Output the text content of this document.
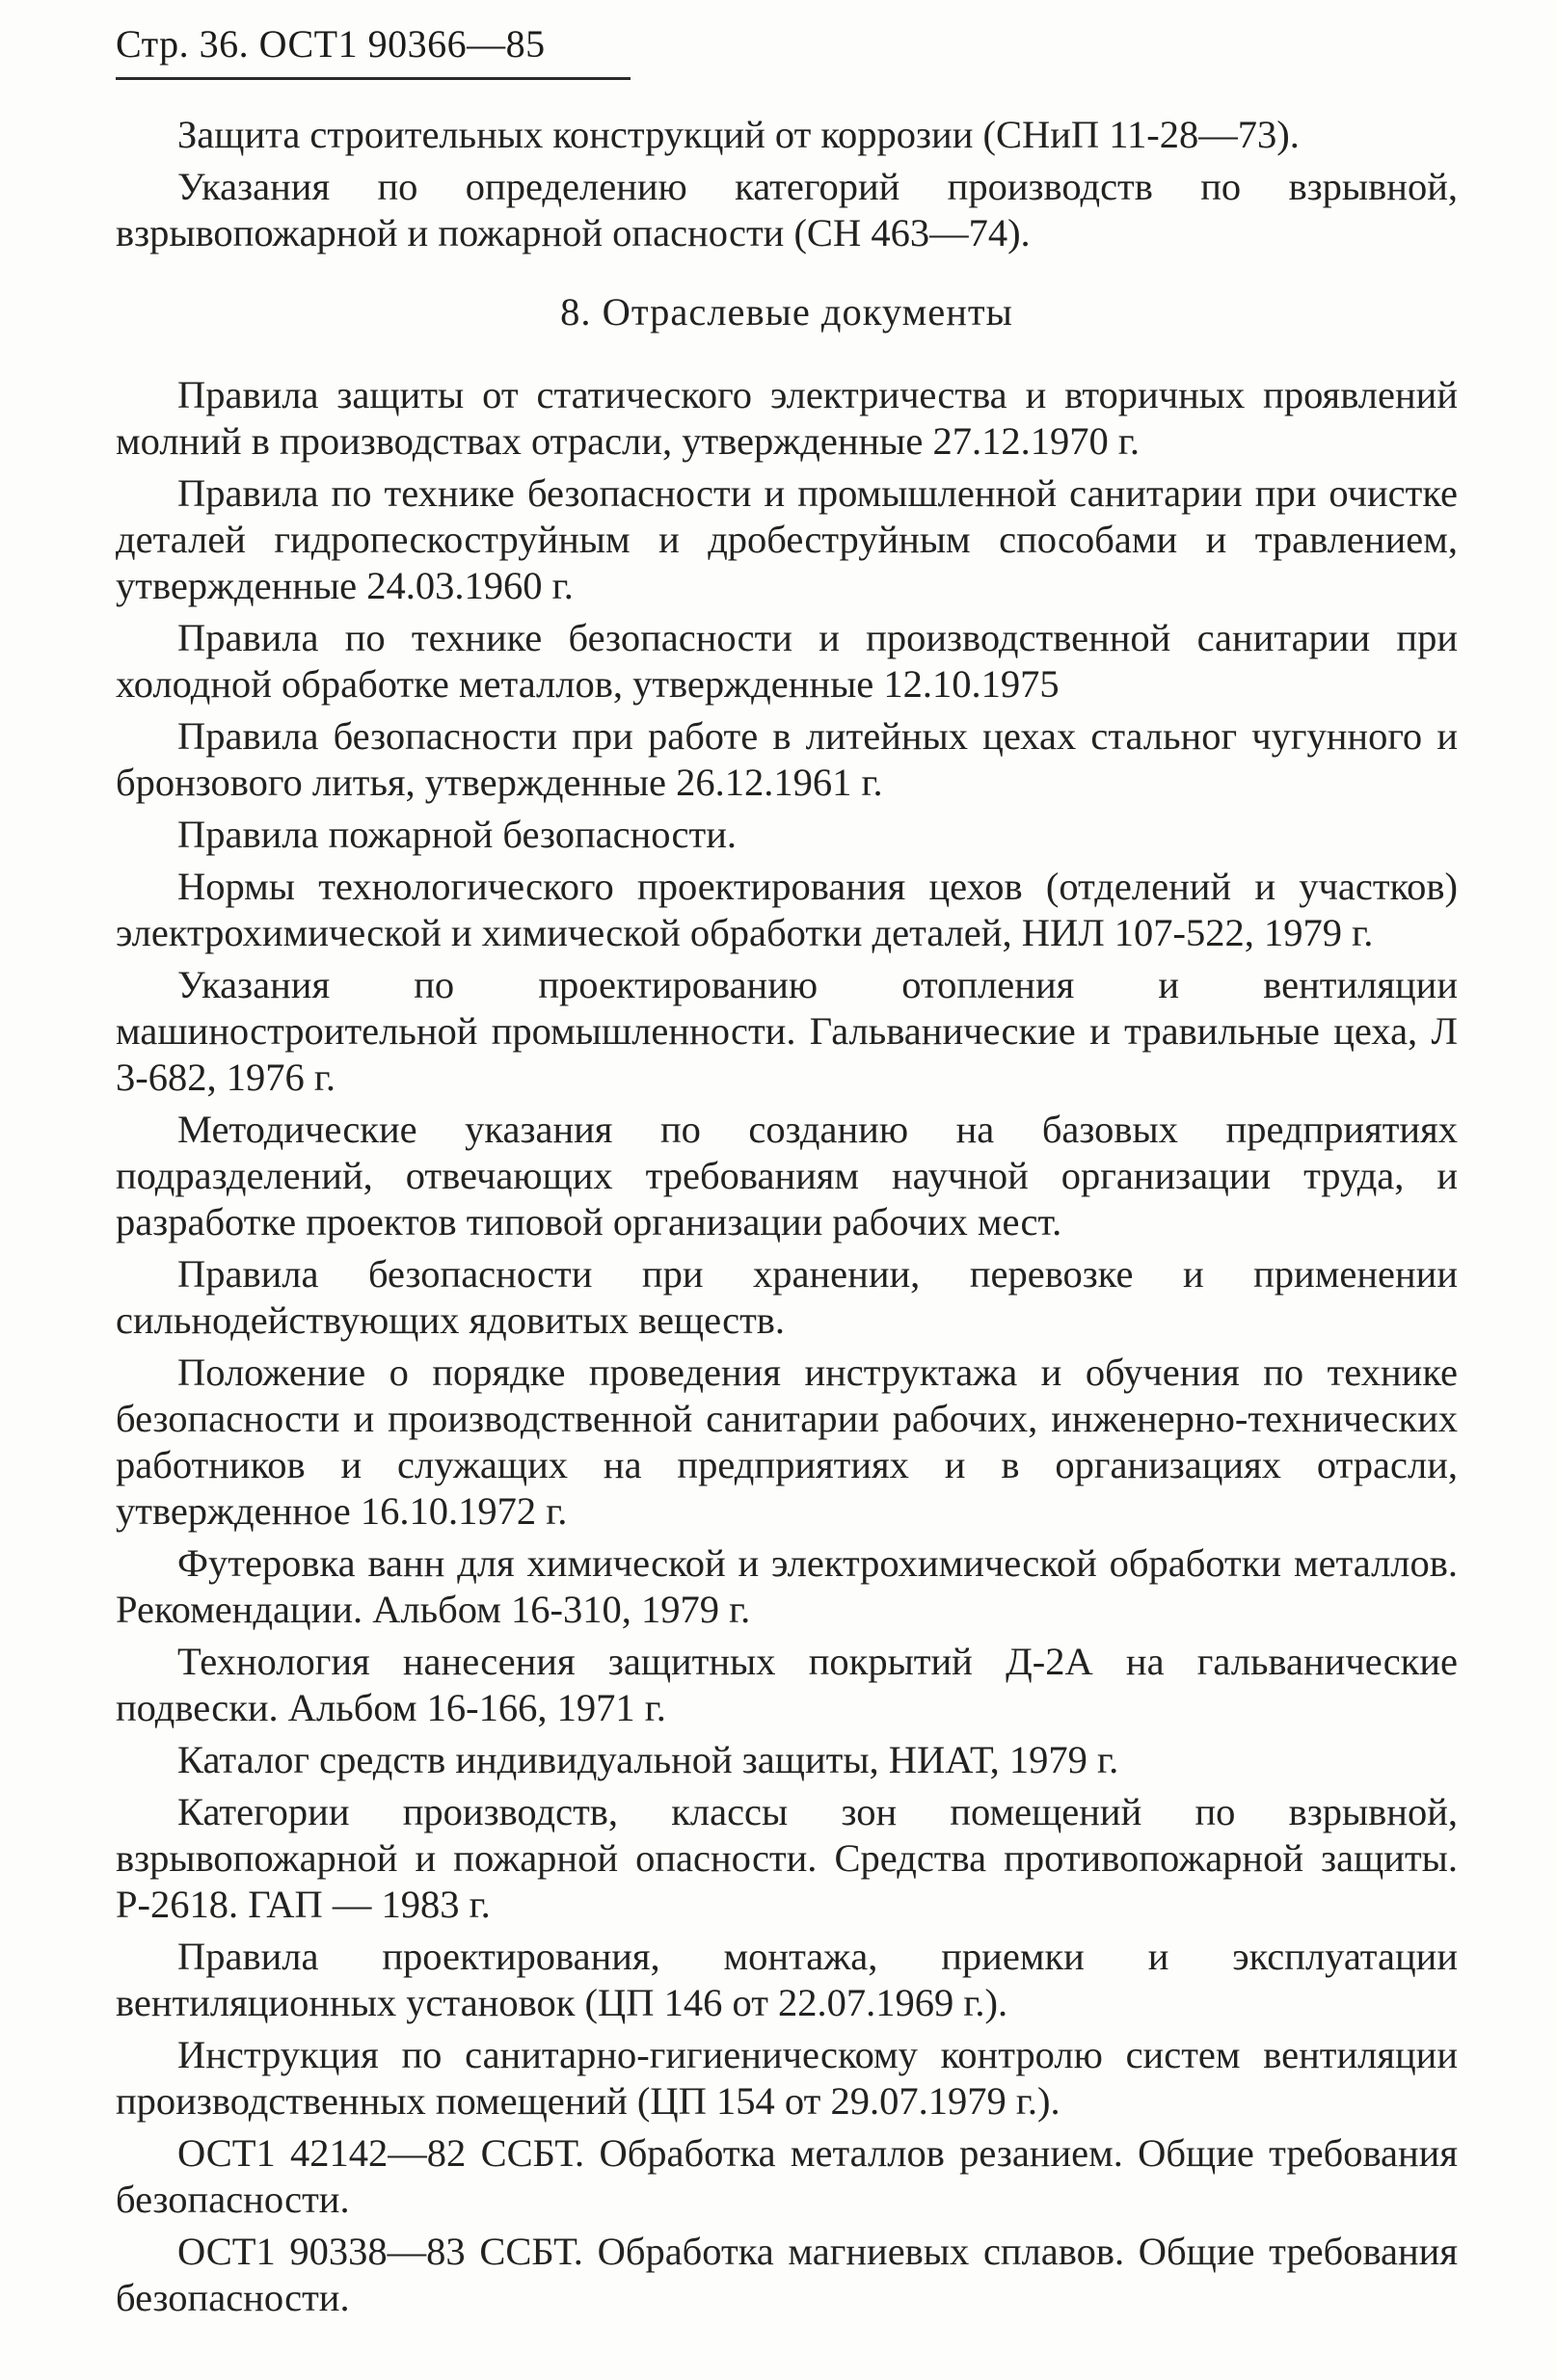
Стр. 36. ОСТ1 90366—85

Защита строительных конструкций от коррозии (СНиП 11-28—73).

Указания по определению категорий производств по взрывной, взрывопожарной и пожарной опасности (СН 463—74).

8. Отраслевые документы

Правила защиты от статического электричества и вторичных проявлений молний в производствах отрасли, утвержденные 27.12.1970 г.

Правила по технике безопасности и промышленной санитарии при очистке деталей гидропескоструйным и дробеструйным способами и травлением, утвержденные 24.03.1960 г.

Правила по технике безопасности и производственной санитарии при холодной обработке металлов, утвержденные 12.10.1975

Правила безопасности при работе в литейных цехах стальног чугунного и бронзового литья, утвержденные 26.12.1961 г.

Правила пожарной безопасности.

Нормы технологического проектирования цехов (отделений и участков) электрохимической и химической обработки деталей, НИЛ 107-522, 1979 г.

Указания по проектированию отопления и вентиляции машиностроительной промышленности. Гальванические и травильные цеха, Л 3-682, 1976 г.

Методические указания по созданию на базовых предприятиях подразделений, отвечающих требованиям научной организации труда, и разработке проектов типовой организации рабочих мест.

Правила безопасности при хранении, перевозке и применении сильнодействующих ядовитых веществ.

Положение о порядке проведения инструктажа и обучения по технике безопасности и производственной санитарии рабочих, инженерно-технических работников и служащих на предприятиях и в организациях отрасли, утвержденное 16.10.1972 г.

Футеровка ванн для химической и электрохимической обработки металлов. Рекомендации. Альбом 16-310, 1979 г.

Технология нанесения защитных покрытий Д-2А на гальванические подвески. Альбом 16-166, 1971 г.

Каталог средств индивидуальной защиты, НИАТ, 1979 г.

Категории производств, классы зон помещений по взрывной, взрывопожарной и пожарной опасности. Средства противопожарной защиты. Р-2618. ГАП — 1983 г.

Правила проектирования, монтажа, приемки и эксплуатации вентиляционных установок (ЦП 146 от 22.07.1969 г.).

Инструкция по санитарно-гигиеническому контролю систем вентиляции производственных помещений (ЦП 154 от 29.07.1979 г.).

ОСТ1 42142—82 ССБТ. Обработка металлов резанием. Общие требования безопасности.

ОСТ1 90338—83 ССБТ. Обработка магниевых сплавов. Общие требования безопасности.
